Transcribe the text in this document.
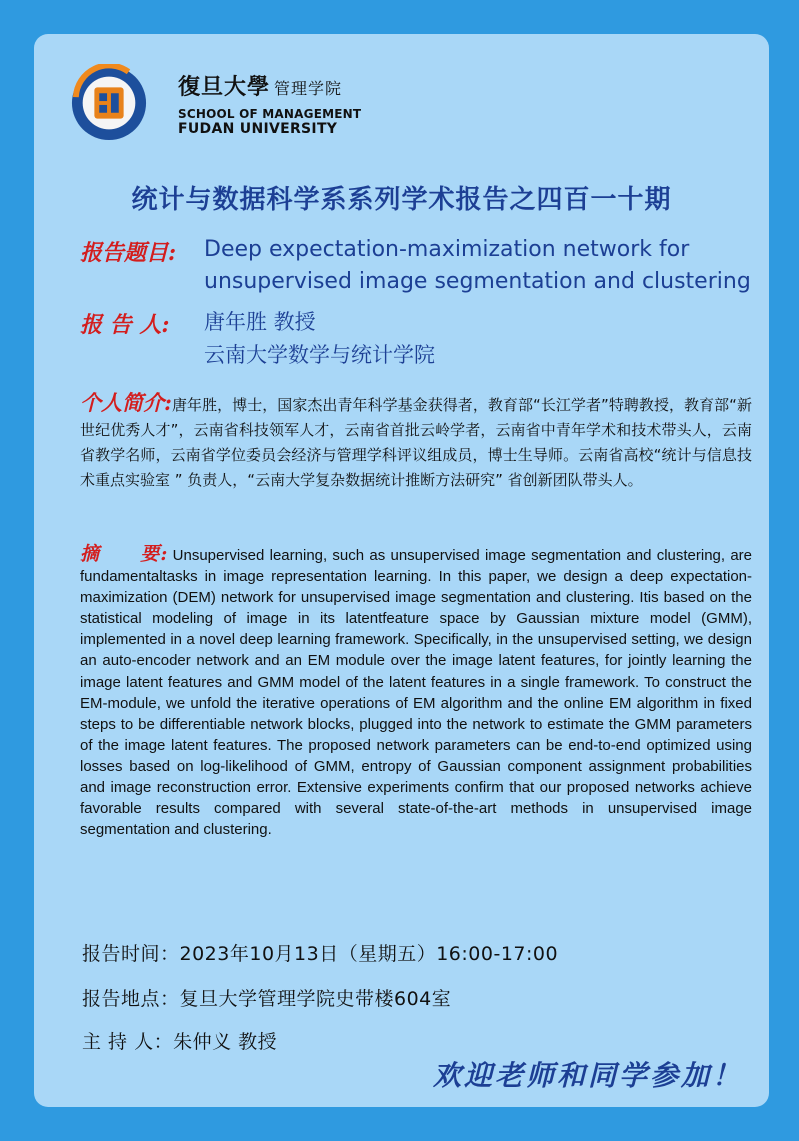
復旦大學 管理学院
SCHOOL OF MANAGEMENT
FUDAN UNIVERSITY
统计与数据科学系系列学术报告之四百一十期
报告题目: Deep expectation-maximization network for
unsupervised image segmentation and clustering
报 告 人: 唐年胜 教授
云南大学数学与统计学院
个人简介:唐年胜，博士，国家杰出青年科学基金获得者，教育部“长江学者”特聘教授，教育部“新世纪优秀人才”，云南省科技领军人才，云南省首批云岭学者，云南省中青年学术和技术带头人，云南省教学名师，云南省学位委员会经济与管理学科评议组成员，博士生导师。云南省高校“统计与信息技术重点实验室 ” 负责人，“云南大学复杂数据统计推断方法研究” 省创新团队带头人。
摘　　要: Unsupervised learning, such as unsupervised image segmentation and clustering, are fundamentaltasks in image representation learning. In this paper, we design a deep expectation-maximization (DEM) network for unsupervised image segmentation and clustering. Itis based on the statistical modeling of image in its latentfeature space by Gaussian mixture model (GMM), implemented in a novel deep learning framework. Specifically, in the unsupervised setting, we design an auto-encoder network and an EM module over the image latent features, for jointly learning the image latent features and GMM model of the latent features in a single framework. To construct the EM-module, we unfold the iterative operations of EM algorithm and the online EM algorithm in fixed steps to be differentiable network blocks, plugged into the network to estimate the GMM parameters of the image latent features. The proposed network parameters can be end-to-end optimized using losses based on log-likelihood of GMM, entropy of Gaussian component assignment probabilities and image reconstruction error. Extensive experiments confirm that our proposed networks achieve favorable results compared with several state-of-the-art methods in unsupervised image segmentation and clustering.
报告时间：2023年10月13日（星期五）16:00-17:00
报告地点：复旦大学管理学院史带楼604室
主 持 人：朱仲义 教授
欢迎老师和同学参加！
